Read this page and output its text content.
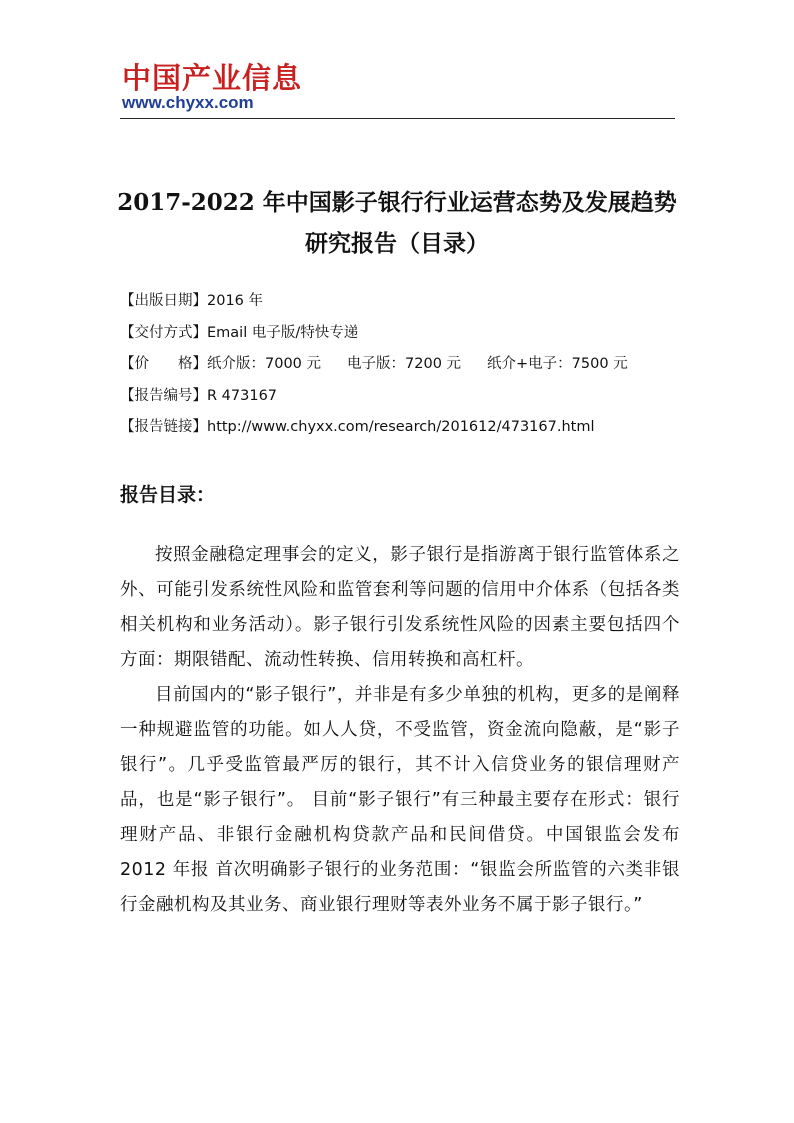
中国产业信息
www.chyxx.com
2017-2022 年中国影子银行行业运营态势及发展趋势研究报告（目录）
【出版日期】2016 年
【交付方式】Email 电子版/特快专递
【价　　格】纸介版：7000 元 电子版：7200 元 纸介+电子：7500 元
【报告编号】R 473167
【报告链接】http://www.chyxx.com/research/201612/473167.html
报告目录：

按照金融稳定理事会的定义，影子银行是指游离于银行监管体系之外、可能引发系统性风险和监管套利等问题的信用中介体系（包括各类相关机构和业务活动）。影子银行引发系统性风险的因素主要包括四个方面：期限错配、流动性转换、信用转换和高杠杆。

目前国内的“影子银行”，并非是有多少单独的机构，更多的是阐释一种规避监管的功能。如人人贷，不受监管，资金流向隐蔽，是“影子银行”。几乎受监管最严厉的银行，其不计入信贷业务的银信理财产品，也是“影子银行”。 目前“影子银行”有三种最主要存在形式：银行理财产品、非银行金融机构贷款产品和民间借贷。中国银监会发布 2012 年报 首次明确影子银行的业务范围：“银监会所监管的六类非银行金融机构及其业务、商业银行理财等表外业务不属于影子银行。”
